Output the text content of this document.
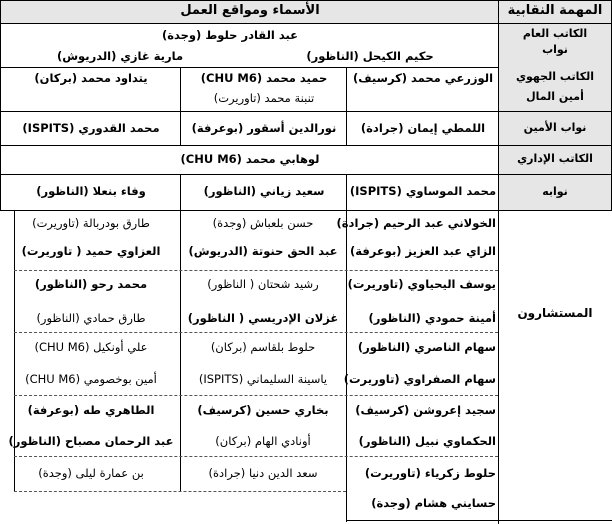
الأسماء ومواقع العمل	المهمة النقابية
الكاتب العام
نواب
الكاتب الجهوي
أمين المال
نواب الأمين
الكاتب الإداري
نوابه
المستشارون
عبد القادر حلوط (وجدة)
حكيم الكيحل (الناظور)
مارية غازي (الدريوش)
الوزرعي محمد (كرسيف)
حميد محمد (CHU M6)
تنبنة محمد (تاوريرت)
يتداود محمد (بركان)
اللمطي إيمان (جرادة)
نورالدين أسقور (بوعرفة)
محمد القدوري (ISPITS)
لوهابي محمد (CHU M6)
محمد الموساوي (ISPITS)
سعيد زياني (الناظور)
وفاء بنعلا (الناظور)
الخولاني عبد الرحيم (جرادة)
الزاي عبد العزيز (بوعرفة)
يوسف اليحياوي (تاوريرت)
أمينة حمودي (الناظور)
سهام الناصري (الناظور)
سهام الصفراوي (تاوريرت)
سجيد إعروشن (كرسيف)
الحكماوي نبيل (الناظور)
حلوط زكرياء (تاوريرت)
حسايني هشام (وجدة)
حسن بلعباش (وجدة)
عبد الحق حنوتة (الدريوش)
رشيد شحتان ( الناظور)
غزلان الإدريسي ( الناظور)
حلوط بلقاسم (بركان)
ياسينة السليماني (ISPITS)
بخاري حسين (كرسيف)
أونادي الهام (بركان)
سعد الدين دنيا (جرادة)
طارق بودربالة (تاوريرت)
العزاوي حميد ( تاوريرت)
محمد رحو (الناظور)
طارق حمادي (الناظور)
علي أونكيل (CHU M6)
أمين بوخصومي (CHU M6)
الطاهري طه (بوعرفة)
عبد الرحمان مصباح (الناظور)
بن عمارة ليلى (وجدة)
